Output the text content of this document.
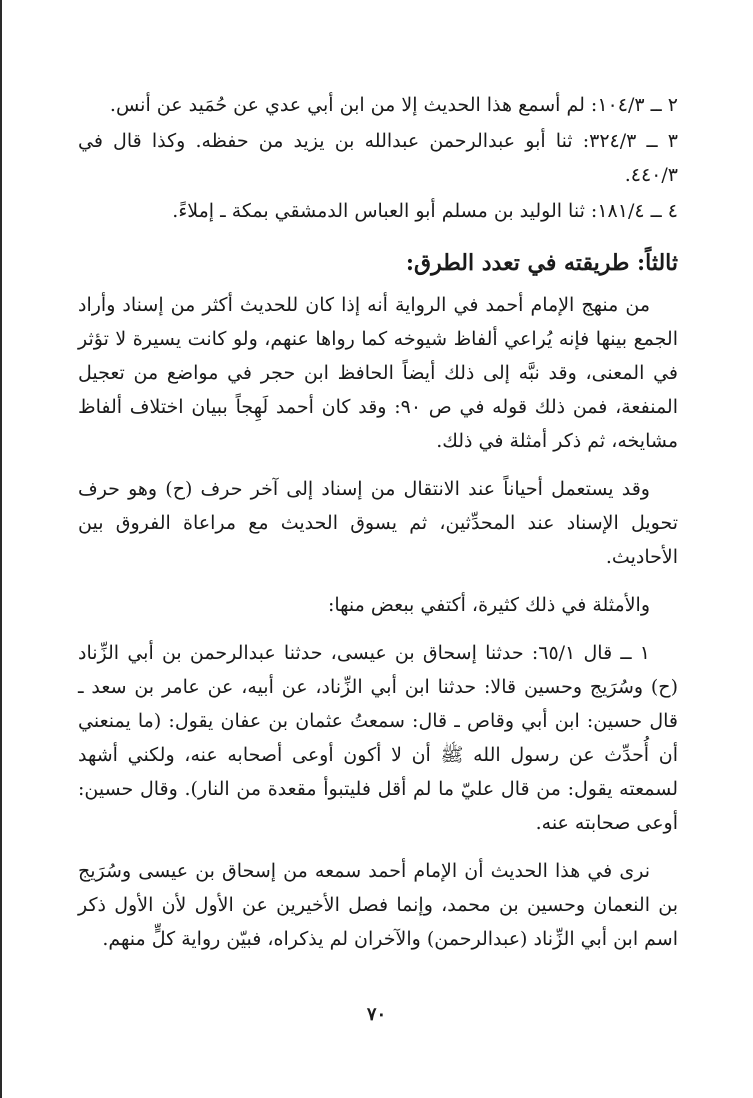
٢ ــ ١٠٤/٣: لم أسمع هذا الحديث إلا من ابن أبي عدي عن حُمَيد عن أنس.

٣ ــ ٣٢٤/٣: ثنا أبو عبدالرحمن عبدالله بن يزيد من حفظه. وكذا قال في ٤٤٠/٣.

٤ ــ ١٨١/٤: ثنا الوليد بن مسلم أبو العباس الدمشقي بمكة ـ إملاءً.

ثالثاً: طريقته في تعدد الطرق:

من منهج الإمام أحمد في الرواية أنه إذا كان للحديث أكثر من إسناد وأراد الجمع بينها فإنه يُراعي ألفاظ شيوخه كما رواها عنهم، ولو كانت يسيرة لا تؤثر في المعنى، وقد نبَّه إلى ذلك أيضاً الحافظ ابن حجر في مواضع من تعجيل المنفعة، فمن ذلك قوله في ص ٩٠: وقد كان أحمد لَهِجاً ببيان اختلاف ألفاظ مشايخه، ثم ذكر أمثلة في ذلك.

وقد يستعمل أحياناً عند الانتقال من إسناد إلى آخر حرف (ح) وهو حرف تحويل الإسناد عند المحدِّثين، ثم يسوق الحديث مع مراعاة الفروق بين الأحاديث.

والأمثلة في ذلك كثيرة، أكتفي ببعض منها:

١ ــ قال ٦٥/١: حدثنا إسحاق بن عيسى، حدثنا عبدالرحمن بن أبي الزِّناد (ح) وسُرَيج وحسين قالا: حدثنا ابن أبي الزِّناد، عن أبيه، عن عامر بن سعد ـ قال حسين: ابن أبي وقاص ـ قال: سمعتُ عثمان بن عفان يقول: (ما يمنعني أن أُحدِّث عن رسول الله ﷺ أن لا أكون أوعى أصحابه عنه، ولكني أشهد لسمعته يقول: من قال عليّ ما لم أقل فليتبوأ مقعدة من النار). وقال حسين: أوعى صحابته عنه.

نرى في هذا الحديث أن الإمام أحمد سمعه من إسحاق بن عيسى وسُرَيج بن النعمان وحسين بن محمد، وإنما فصل الأخيرين عن الأول لأن الأول ذكر اسم ابن أبي الزِّناد (عبدالرحمن) والآخران لم يذكراه، فبيّن رواية كلٍّ منهم.

٧٠
